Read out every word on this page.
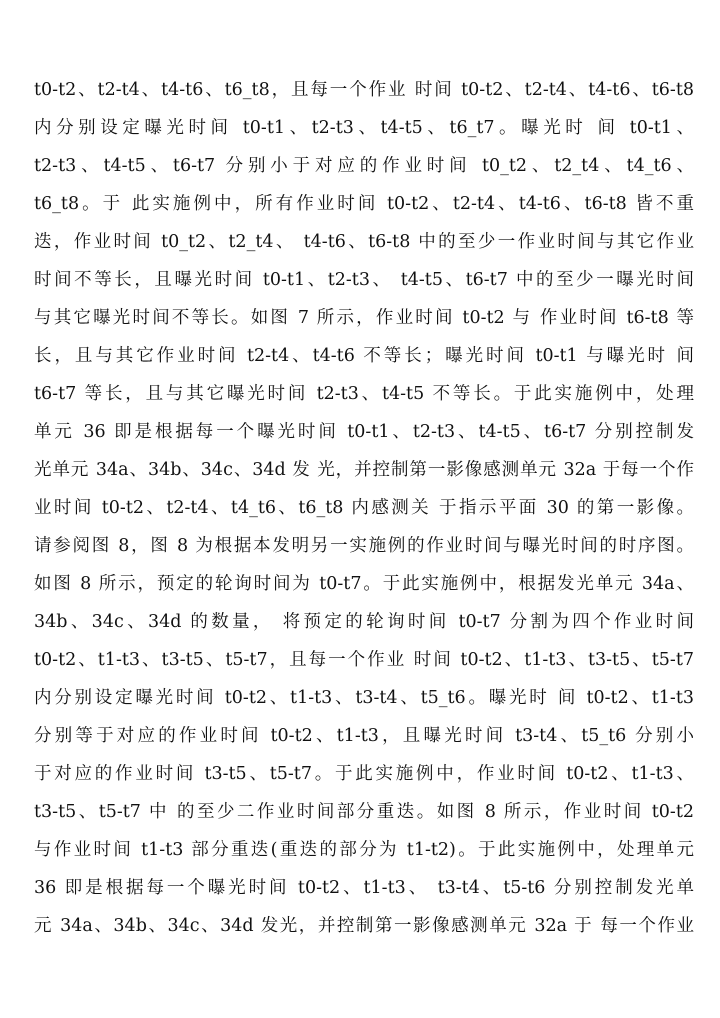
t0-t2、t2-t4、t4-t6、t6_t8，且每一个作业 时间 t0-t2、t2-t4、t4-t6、t6-t8
内分别设定曝光时间 t0-t1、t2-t3、t4-t5、t6_t7。曝光时 间 t0-t1、
t2-t3、t4-t5、t6-t7 分别小于对应的作业时间 t0_t2、t2_t4、t4_t6、
t6_t8。于 此实施例中，所有作业时间 t0-t2、t2-t4、t4-t6、t6-t8 皆不重
迭，作业时间 t0_t2、t2_t4、 t4-t6、t6-t8 中的至少一作业时间与其它作业
时间不等长，且曝光时间 t0-t1、t2-t3、 t4-t5、t6-t7 中的至少一曝光时间
与其它曝光时间不等长。如图 7 所示，作业时间 t0-t2 与 作业时间 t6-t8 等
长，且与其它作业时间 t2-t4、t4-t6 不等长；曝光时间 t0-t1 与曝光时 间
t6-t7 等长，且与其它曝光时间 t2-t3、t4-t5 不等长。于此实施例中，处理
单元 36 即是根据每一个曝光时间 t0-t1、t2-t3、t4-t5、t6-t7 分别控制发
光单元 34a、34b、34c、34d 发 光，并控制第一影像感测单元 32a 于每一个作
业时间 t0-t2、t2-t4、t4_t6、t6_t8 内感测关 于指示平面 30 的第一影像。
请参阅图 8，图 8 为根据本发明另一实施例的作业时间与曝光时间的时序图。
如图 8 所示，预定的轮询时间为 t0-t7。于此实施例中，根据发光单元 34a、
34b、34c、34d 的数量， 将预定的轮询时间 t0-t7 分割为四个作业时间
t0-t2、t1-t3、t3-t5、t5-t7，且每一个作业 时间 t0-t2、t1-t3、t3-t5、t5-t7
内分别设定曝光时间 t0-t2、t1-t3、t3-t4、t5_t6。曝光时 间 t0-t2、t1-t3
分别等于对应的作业时间 t0-t2、t1-t3，且曝光时间 t3-t4、t5_t6 分别小
于对应的作业时间 t3-t5、t5-t7。于此实施例中，作业时间 t0-t2、t1-t3、
t3-t5、t5-t7 中 的至少二作业时间部分重迭。如图 8 所示，作业时间 t0-t2
与作业时间 t1-t3 部分重迭(重迭的部分为 t1-t2)。于此实施例中，处理单元
36 即是根据每一个曝光时间 t0-t2、t1-t3、 t3-t4、t5-t6 分别控制发光单
元 34a、34b、34c、34d 发光，并控制第一影像感测单元 32a 于 每一个作业
